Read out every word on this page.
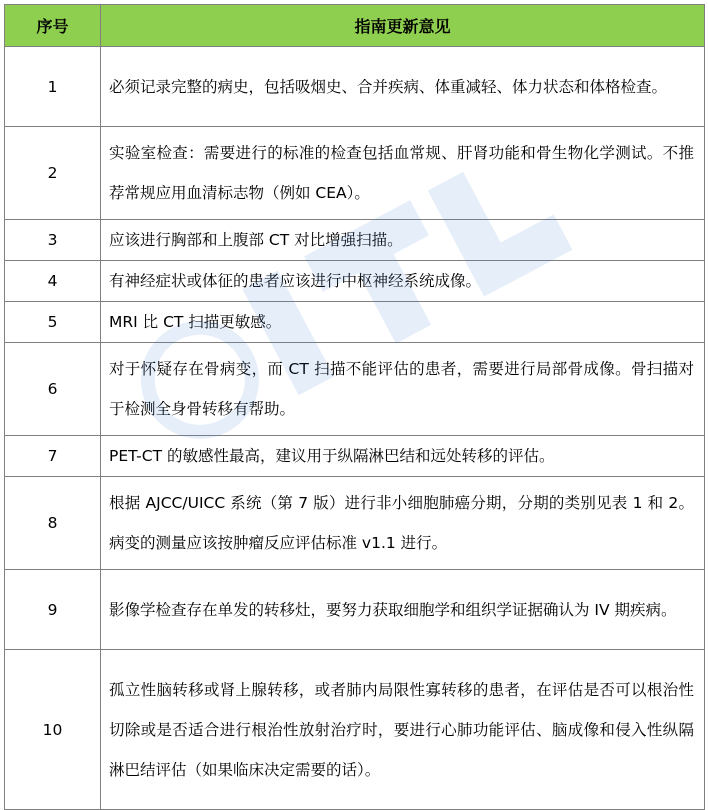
序号	指南更新意见
1	必须记录完整的病史，包括吸烟史、合并疾病、体重减轻、体力状态和体格检查。
2	实验室检查：需要进行的标准的检查包括血常规、肝肾功能和骨生物化学测试。不推荐常规应用血清标志物（例如 CEA）。
3	应该进行胸部和上腹部 CT 对比增强扫描。
4	有神经症状或体征的患者应该进行中枢神经系统成像。
5	MRI 比 CT 扫描更敏感。
6	对于怀疑存在骨病变，而 CT 扫描不能评估的患者，需要进行局部骨成像。骨扫描对于检测全身骨转移有帮助。
7	PET-CT 的敏感性最高，建议用于纵隔淋巴结和远处转移的评估。
8	根据 AJCC/UICC 系统（第 7 版）进行非小细胞肺癌分期，分期的类别见表 1 和 2。病变的测量应该按肿瘤反应评估标准 v1.1 进行。
9	影像学检查存在单发的转移灶，要努力获取细胞学和组织学证据确认为 IV 期疾病。
10	孤立性脑转移或肾上腺转移，或者肺内局限性寡转移的患者，在评估是否可以根治性切除或是否适合进行根治性放射治疗时，要进行心肺功能评估、脑成像和侵入性纵隔淋巴结评估（如果临床决定需要的话）。
